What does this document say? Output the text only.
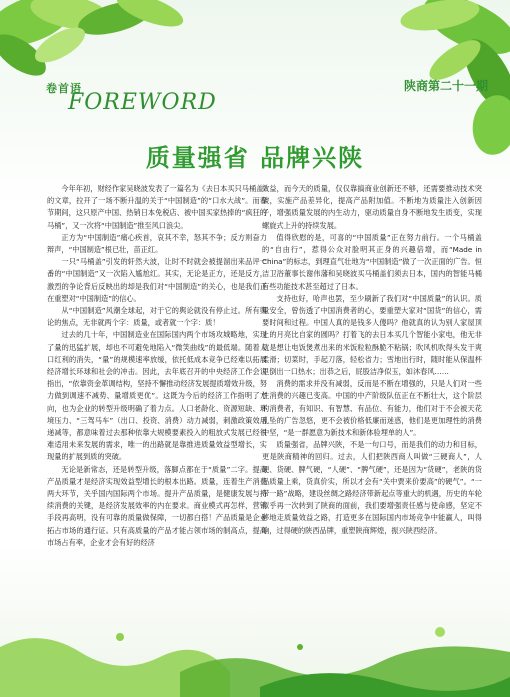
卷首语
FOREWORD
陕商第二十一期
质量强省 品牌兴陕

今年年初，财经作家吴晓波发表了一篇名为《去日本买只马桶盖》的文章，拉开了一场不断升温的关于“中国制造”的“口水大战”。而春节期间，这只原产中国、热销日本免税店、被中国买家热捧的“疯狂的马桶”，又一次将“中国制造”推至风口浪尖。

正方为“中国制造”痛心疾首，哀其不幸，怒其不争；反方则奋力辩声，“中国制造”根已壮，苗正红。

一只“马桶盖”引发的轩然大波，让时不时就会被提溜出来品评一番的“中国制造”又一次陷入尴尬红。其实，无论是正方，还是反方，激烈的争论背后反映出的却是我们对“中国制造”的关心，也是我们正在重塑对“中国制造”的信心。

从“中国制造”风潮全球起，对于它的舆论就没有停止过。所有舆论的焦点，无非就两个字：质量，或者就一个字：质！

过去的几十年，中国制造业在国际国内两个市场攻城略地，实现了量的迅猛扩展，却也不可避免地陷入“微笑曲线”的最低端。随着人口红利的消失，“量”的规模速率放缓，依托低成本竞争已经难以拓展经济增长环球和社会的冲击。因此，去年底召开的中央经济工作会议指出，“依靠资金革调结构，坚持不懈推动经济发展提质增效升级，努力做到调速不减势、量增质更优”。这既为今后的经济工作指明了方向，也为企业的转型升级明确了着力点。人口老龄化、资源短缺、环境压力、“三驾马车”（出口、投资、消费）动力减弱，刺激政策效用递减等，都意味着过去那种依靠大规模要素投入的粗放式发展已经很难适用未来发展的需求，唯一的出路就是靠推进质量效益型增长，实现量的扩展到质的突破。

无论是新常态，还是转型升级，落脚点都在于“质量”二字。提高产品质量才是经济实现效益型增长的根本出路。质量，连着生产消费两大环节，关乎国内国际两个市场。提升产品质量，是健康发展与持续消费的关键，是经济发展效率的内在要求。商业模式再怎样，营销手段再高明，没有可靠的质量做保障，一切都白搭！产品质量是企业拓占市场的通行证。只有高质量的产品才能占领市场的制高点，提高市场占有率，企业才会有好的经济

效益，而今天的质量，仅仅靠搞商业创新还不够，还需要推动技术突破，实施产品差异化，提高产品附加值。不断地为质量注入创新因子，增强质量发展的内生动力，驱动质量自身不断地发生质变，实现螺旋式上升的持续发展。

值得欣慰的是，可喜的“中国质量”正在努力前行。一个马桶盖的“自由行”，惹得公众对脸明其正身的兴趣倍增，而“Made in China”的标志，到理直气壮地为“中国制造”做了一次正面的广告。恒洁卫浴董事长谢伟藩和吴晓波买马桶盖们须去日本，国内的智能马桶有些功能技术甚至超过了日本。

支持也好，哈声也罢，至少刷新了我们对“中国质量”的认识。质量安全，曾伤透了中国消费者的心，要重塑大家对“国货”的信心，需要时间和过程。中国人真的是钱多人傻吗？他就真的认为别人家屋顶上的月亮比自家的圆吗？打着飞的去日本买几个智能小家电，他无非就是想让电饭煲煮出来的米饭粒粒酥脆不粘锅；吹风机吹得头发干爽柔滑；切菜时，手起刀落，轻松省力；雪地出行时，随时能从保温杯里倒出一口热水；出恭之后，屁股洁净似玉，如沐春风……

消费的需求并没有减弱，反而是不断在增强的，只是人们对一些性消费的兴趣已变高。中国的中产阶级队伍正在不断壮大，这个阶层的消费者，有知识、有智慧、有品位、有能力，他们对于不会被天花乱坠的广告忽悠，更不会被价格低廉而迷惑，他们是更加理性的消费中坚，“是一群愿意为新技术和新体验埋单的人”。

质量强省，品牌兴陕，不是一句口号，而是我们的动力和目标，更是陕商精神的回归。过去，人们把陕西商人叫做“三硬商人”，人硬、货硬、脾气硬，“人硬”、“脾气硬”，还是因为“货硬”，老陕的货品质量上乘，货真价实，所以才会有“关中贾来价要高”的硬气”。“一带一路”战略，建设丝绸之路经济带新起点等重大的机遇，历史的车轮似乎再一次转到了陕商的面前，我们要增强责任感与使命感，坚定不移地走质量效益之路，打造更多在国际国内市场竞争中能赢人，叫得响，过得硬的陕西品牌，重塑陕商辉煌，振兴陕西经济。
